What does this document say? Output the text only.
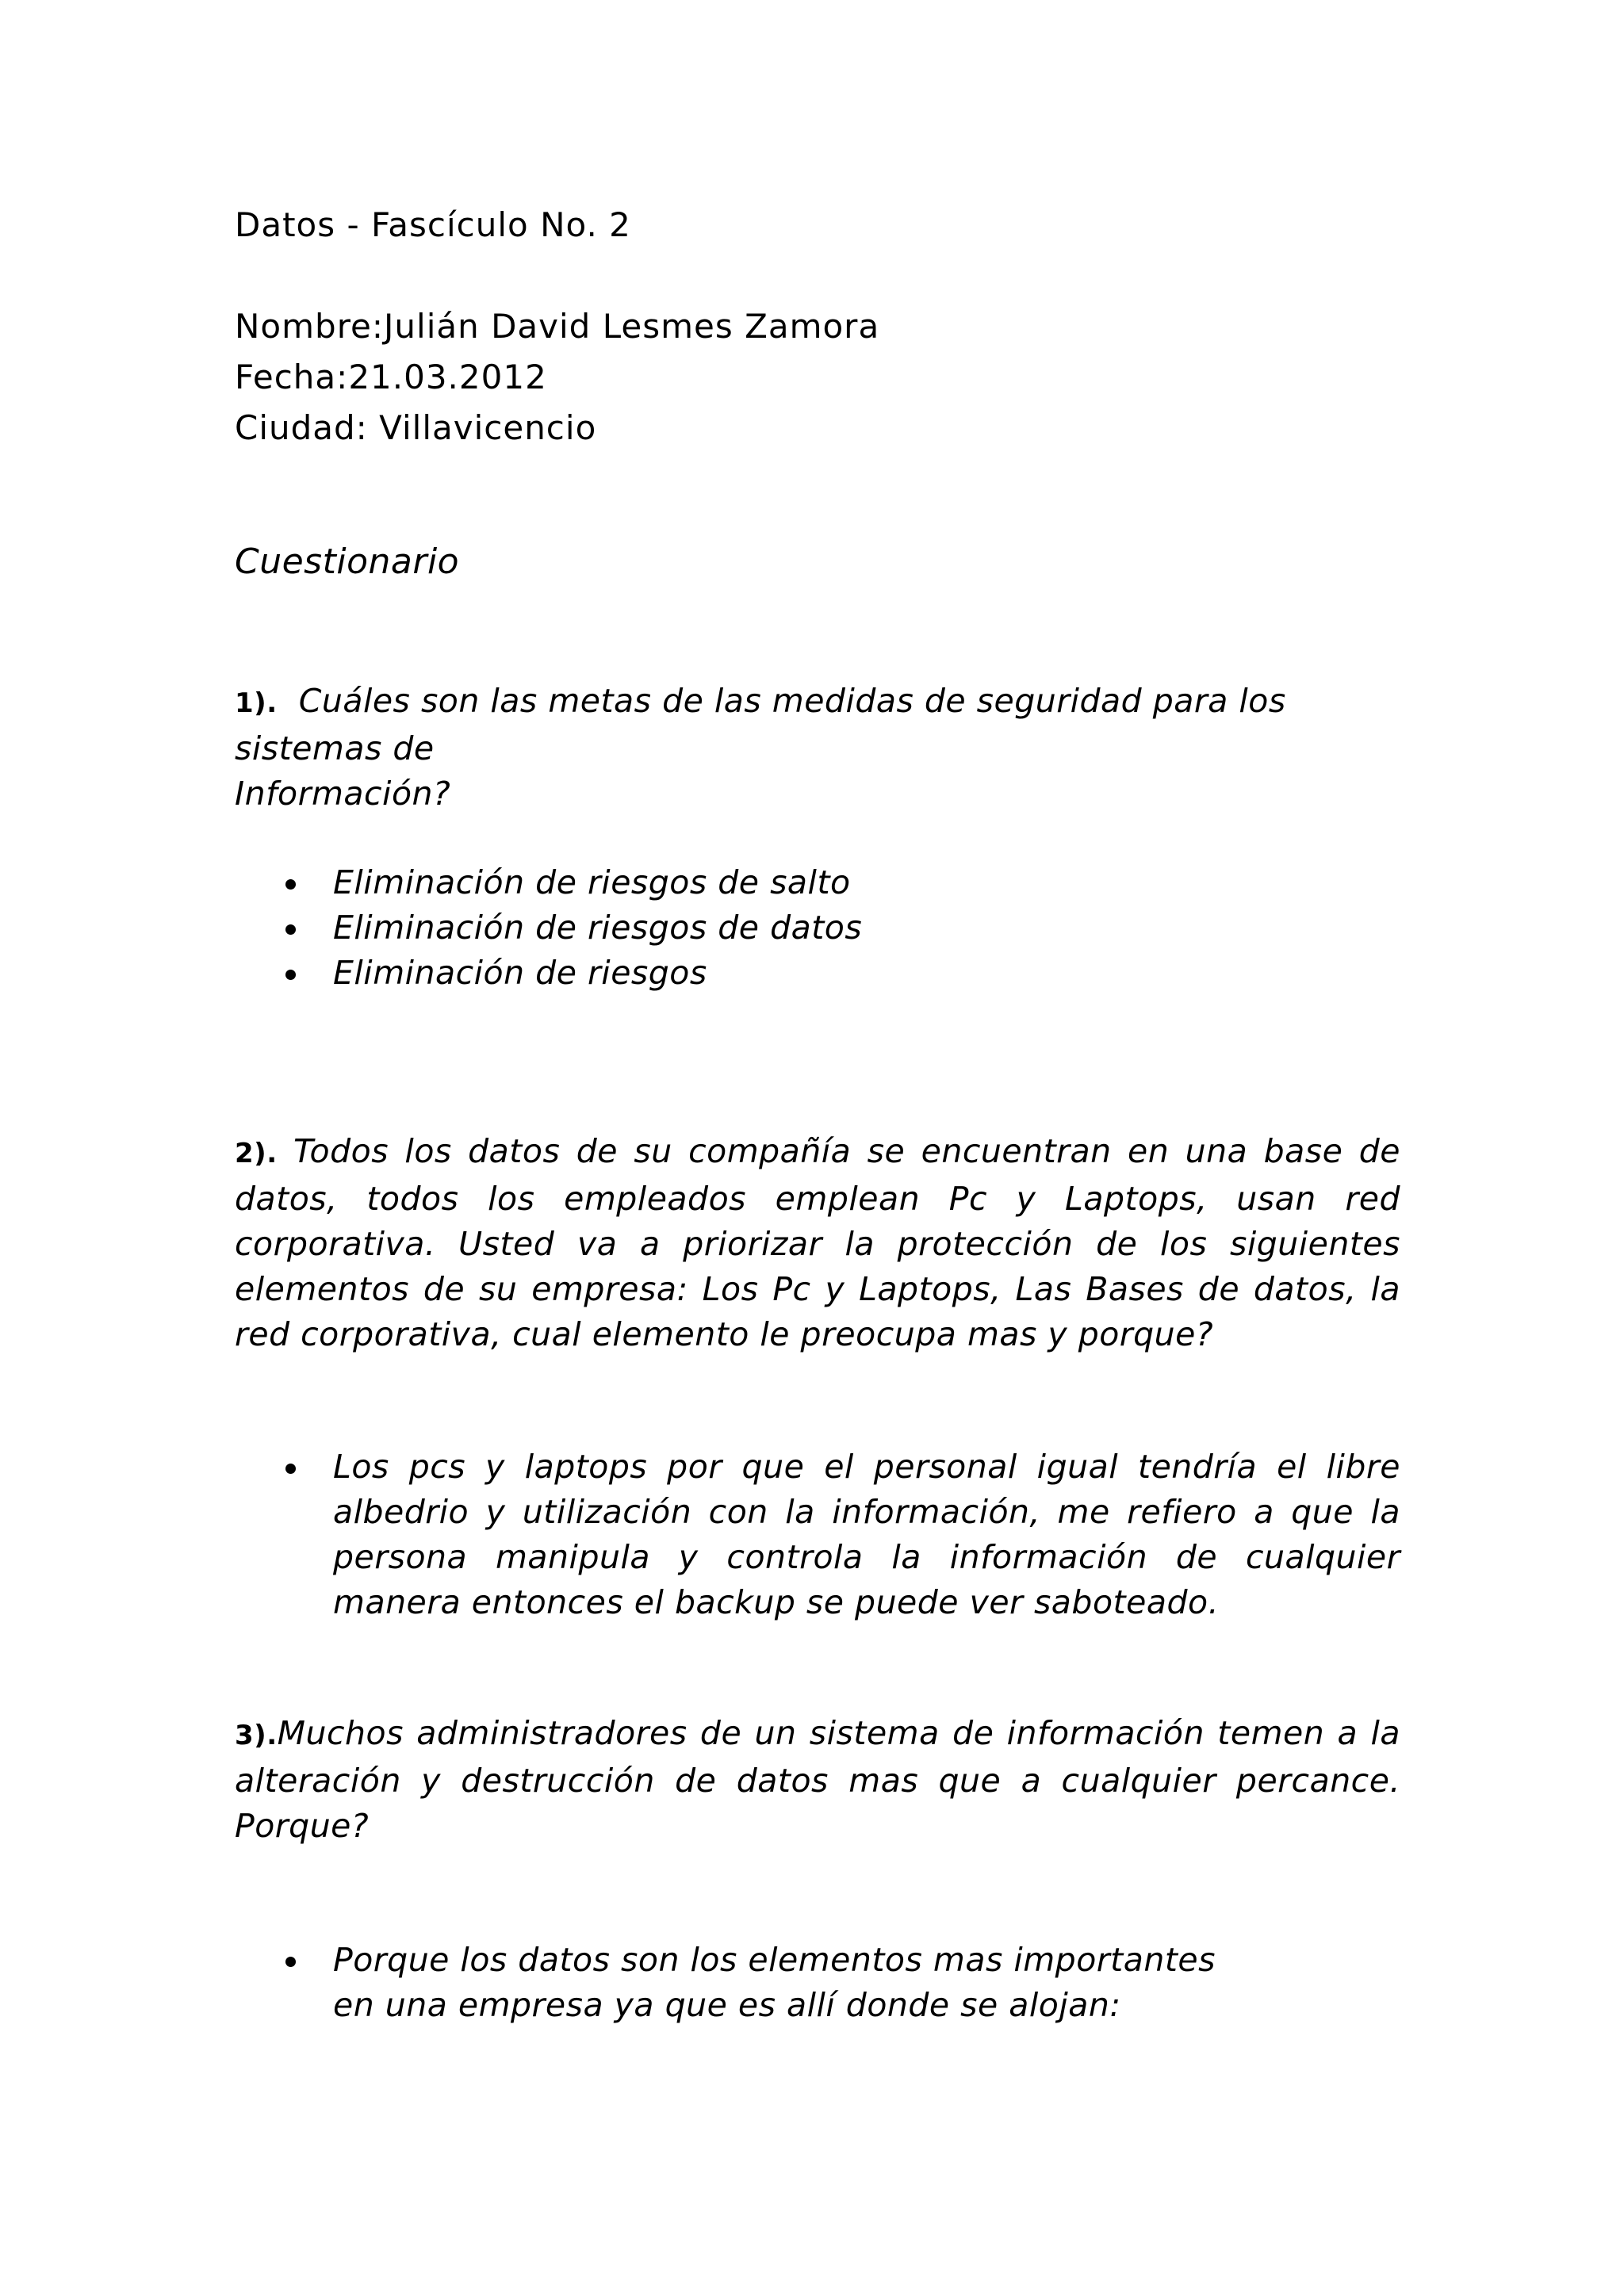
Datos - Fascículo No. 2
Nombre:Julián David Lesmes Zamora
Fecha:21.03.2012
Ciudad: Villavicencio
Cuestionario
1). Cuáles son las metas de las medidas de seguridad para los
sistemas de
Información?
Eliminación de riesgos de salto
Eliminación de riesgos de datos
Eliminación de riesgos
2). Todos los datos de su compañía se encuentran en una base de datos, todos los empleados emplean Pc y Laptops, usan red corporativa. Usted va a priorizar la protección de los siguientes elementos de su empresa: Los Pc y Laptops, Las Bases de datos, la red corporativa, cual elemento le preocupa mas y porque?
Los pcs y laptops por que el personal igual tendría el libre albedrio y utilización con la información, me refiero a que la persona manipula y controla la información de cualquier manera entonces el backup se puede ver saboteado.
3).Muchos administradores de un sistema de información temen a la alteración y destrucción de datos mas que a cualquier percance. Porque?
Porque los datos son los elementos mas importantes en una empresa ya que es allí donde se alojan:
